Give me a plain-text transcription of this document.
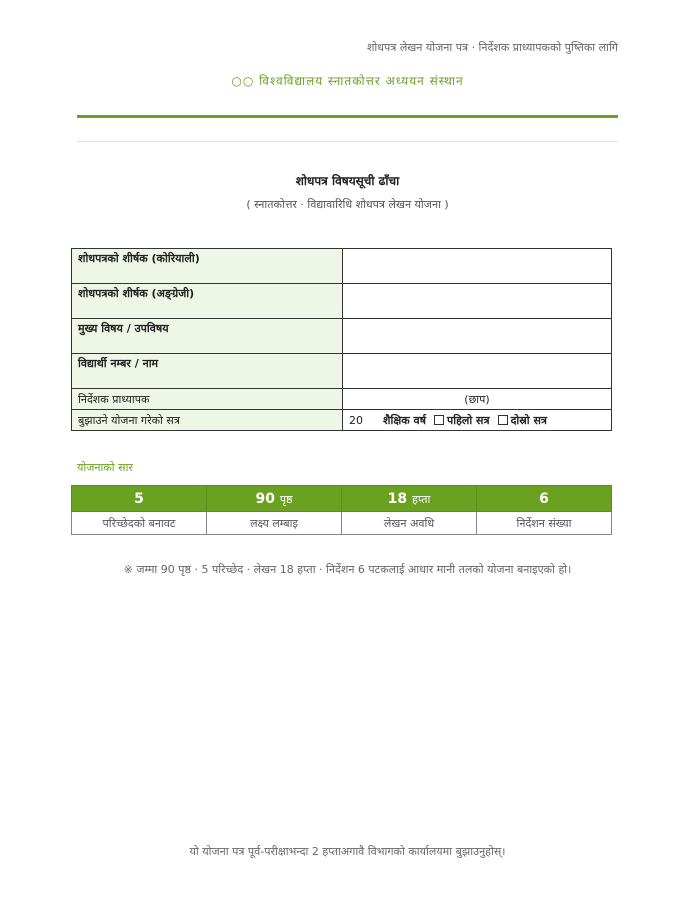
शोधपत्र लेखन योजना पत्र · निर्देशक प्राध्यापकको पुष्तिका लागि
○○ विश्वविद्यालय स्नातकोत्तर अध्ययन संस्थान
शोधपत्र विषयसूची ढाँचा
( स्नातकोत्तर · विद्यावारिधि शोधपत्र लेखन योजना )
शोधपत्रको शीर्षक (कोरियाली)	
शोधपत्रको शीर्षक (अङ्ग्रेजी)	
मुख्य विषय / उपविषय	
विद्यार्थी नम्बर / नाम	
निर्देशक प्राध्यापक	(छाप)
बुझाउने योजना गरेको सत्र	20 शैक्षिक वर्ष पहिलो सत्र दोस्रो सत्र
योजनाको सार
5	90 पृष्ठ	18 हप्ता	6
परिच्छेदको बनावट	लक्ष्य लम्बाइ	लेखन अवधि	निर्देशन संख्या
※ जम्मा 90 पृष्ठ · 5 परिच्छेद · लेखन 18 हप्ता · निर्देशन 6 पटकलाई आधार मानी तलको योजना बनाइएको हो।
यो योजना पत्र पूर्व-परीक्षाभन्दा 2 हप्ताअगावै विभागको कार्यालयमा बुझाउनुहोस्।
